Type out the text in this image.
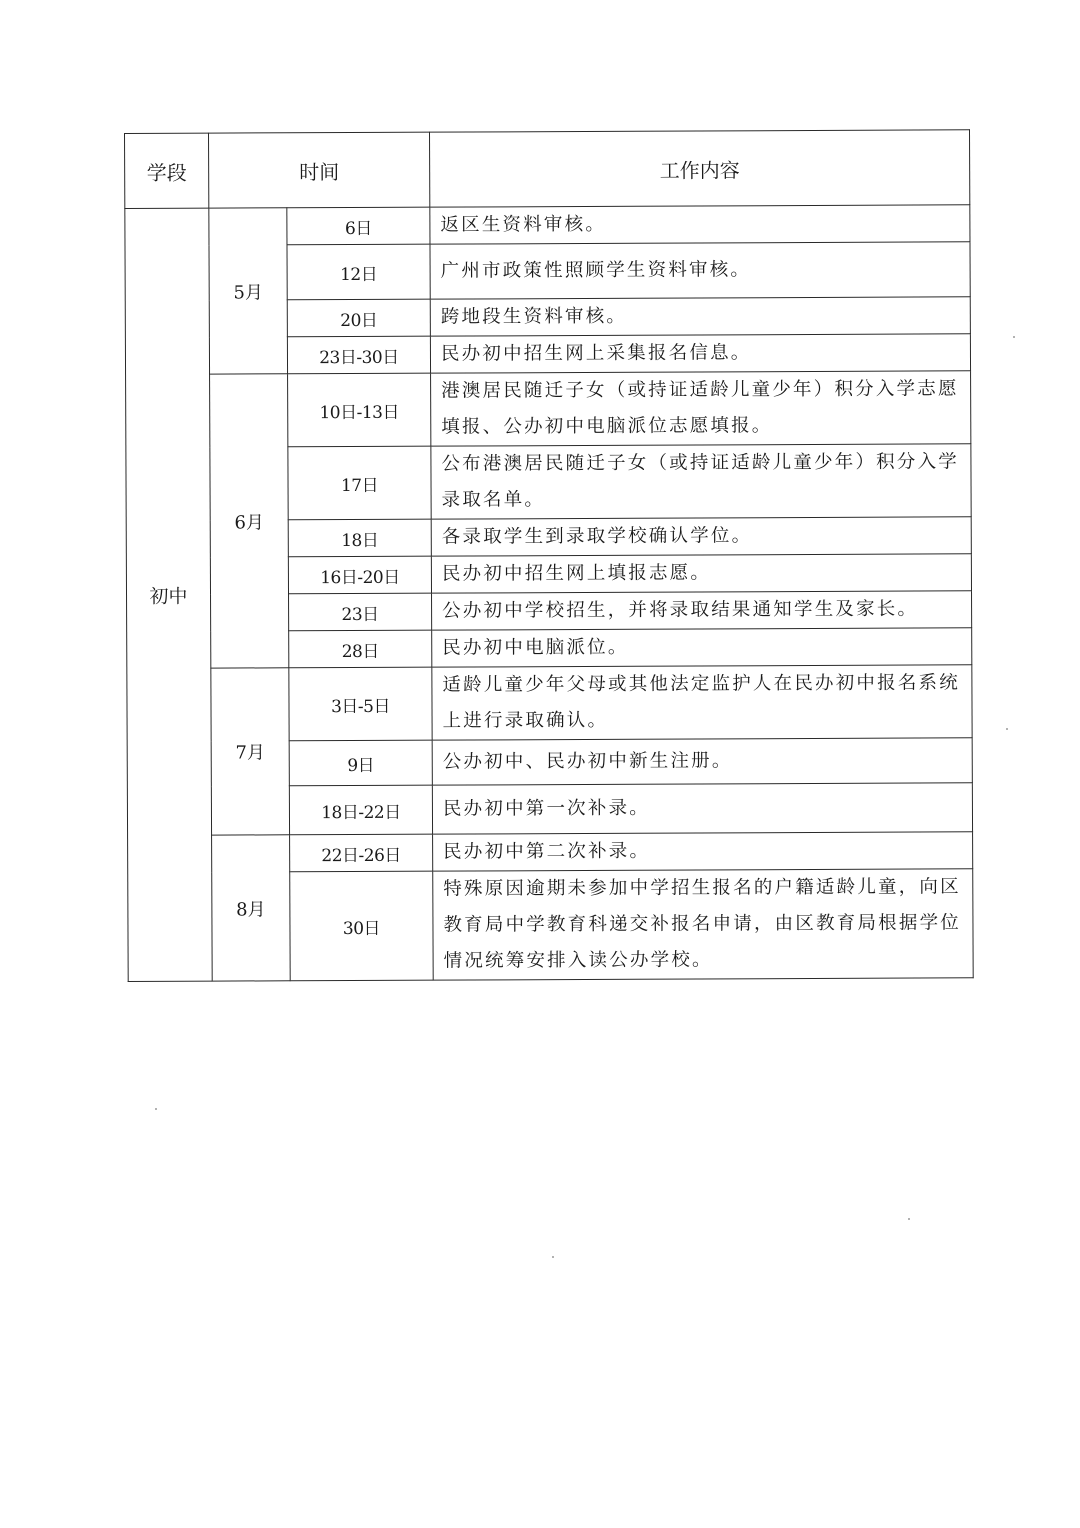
学段	时间		工作内容
初中	5月	6日	返区生资料审核。
		12日	广州市政策性照顾学生资料审核。
		20日	跨地段生资料审核。
		23日-30日	民办初中招生网上采集报名信息。
	6月	10日-13日	港澳居民随迁子女（或持证适龄儿童少年）积分入学志愿填报、公办初中电脑派位志愿填报。
		17日	公布港澳居民随迁子女（或持证适龄儿童少年）积分入学录取名单。
		18日	各录取学生到录取学校确认学位。
		16日-20日	民办初中招生网上填报志愿。
		23日	公办初中学校招生，并将录取结果通知学生及家长。
		28日	民办初中电脑派位。
	7月	3日-5日	适龄儿童少年父母或其他法定监护人在民办初中报名系统上进行录取确认。
		9日	公办初中、民办初中新生注册。
		18日-22日	民办初中第一次补录。
	8月	22日-26日	民办初中第二次补录。
		30日	特殊原因逾期未参加中学招生报名的户籍适龄儿童，向区教育局中学教育科递交补报名申请，由区教育局根据学位情况统筹安排入读公办学校。
